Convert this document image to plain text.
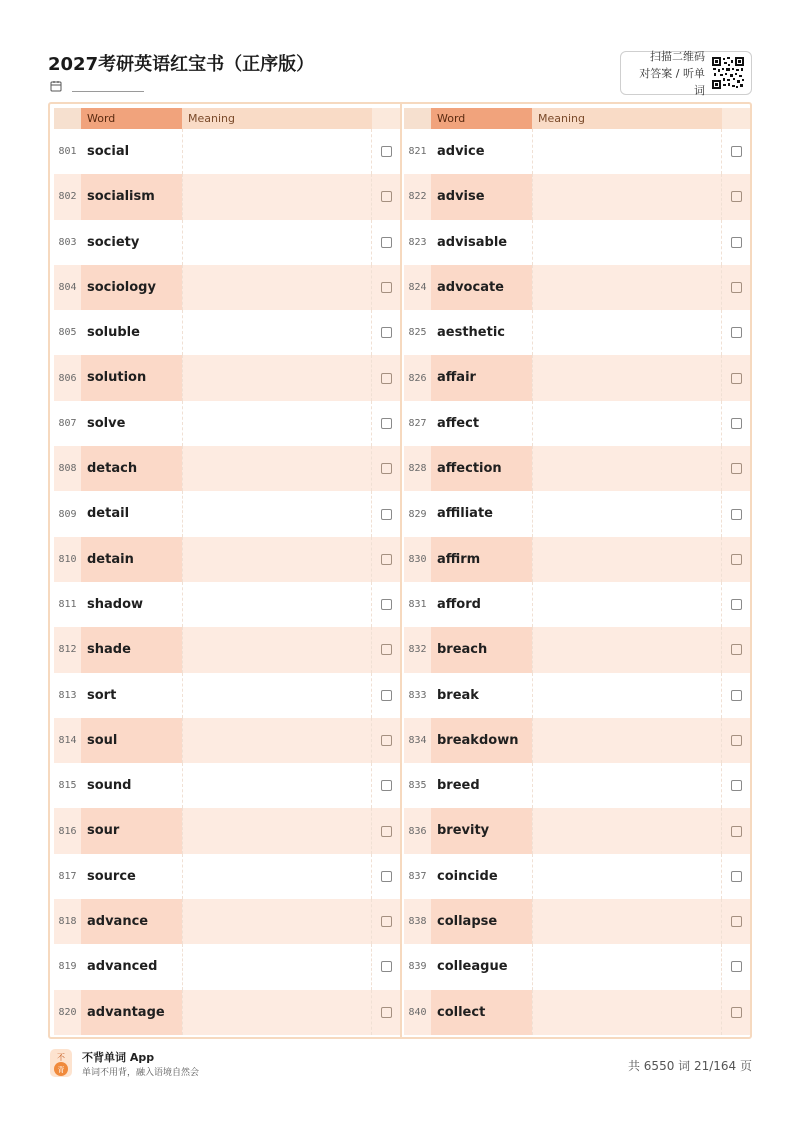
2027考研英语红宝书（正序版）	扫描二维码
对答案 / 听单词
Word	Meaning
801 social
802 socialism
803 society
804 sociology
805 soluble
806 solution
807 solve
808 detach
809 detail
810 detain
811 shadow
812 shade
813 sort
814 soul
815 sound
816 sour
817 source
818 advance
819 advanced
820 advantage
Word	Meaning
821 advice
822 advise
823 advisable
824 advocate
825 aesthetic
826 affair
827 affect
828 affection
829 affiliate
830 affirm
831 afford
832 breach
833 break
834 breakdown
835 breed
836 brevity
837 coincide
838 collapse
839 colleague
840 collect
不
背
不背单词 App
单词不用背，融入语境自然会	共 6550 词 21/164 页
